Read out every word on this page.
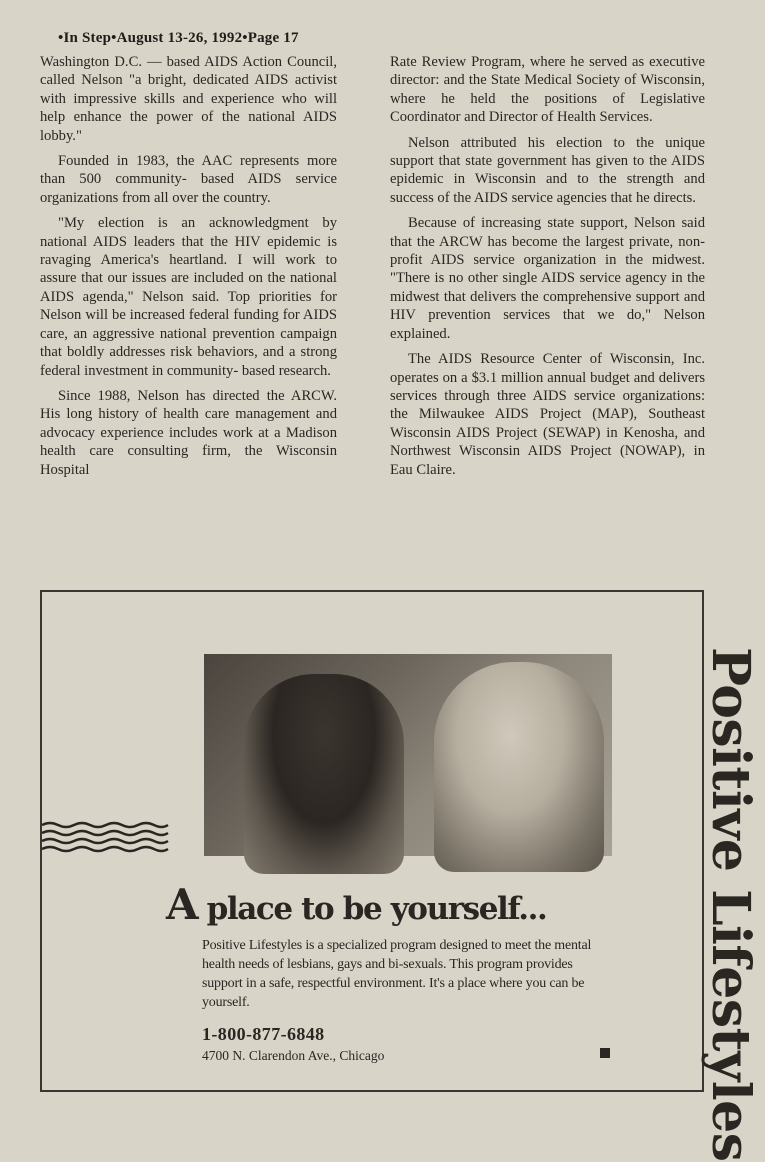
•In Step•August 13-26, 1992•Page 17

Washington D.C. — based AIDS Action Council, called Nelson "a bright, dedicated AIDS activist with impressive skills and experience who will help enhance the power of the national AIDS lobby."

Founded in 1983, the AAC represents more than 500 community- based AIDS service organizations from all over the country.

"My election is an acknowledgment by national AIDS leaders that the HIV epidemic is ravaging America's heartland. I will work to assure that our issues are included on the national AIDS agenda," Nelson said. Top priorities for Nelson will be increased federal funding for AIDS care, an aggressive national prevention campaign that boldly addresses risk behaviors, and a strong federal investment in community- based research.

Since 1988, Nelson has directed the ARCW. His long history of health care management and advocacy experience includes work at a Madison health care consulting firm, the Wisconsin Hospital

Rate Review Program, where he served as executive director: and the State Medical Society of Wisconsin, where he held the positions of Legislative Coordinator and Director of Health Services.

Nelson attributed his election to the unique support that state government has given to the AIDS epidemic in Wisconsin and to the strength and success of the AIDS service agencies that he directs.

Because of increasing state support, Nelson said that the ARCW has become the largest private, non-profit AIDS service organization in the midwest. "There is no other single AIDS service agency in the midwest that delivers the comprehensive support and HIV prevention services that we do," Nelson explained.

The AIDS Resource Center of Wisconsin, Inc. operates on a $3.1 million annual budget and delivers services through three AIDS service organizations: the Milwaukee AIDS Project (MAP), Southeast Wisconsin AIDS Project (SEWAP) in Kenosha, and Northwest Wisconsin AIDS Project (NOWAP), in Eau Claire.

Positive Lifestyles
A place to be yourself...
Positive Lifestyles is a specialized program designed to meet the mental health needs of lesbians, gays and bi-sexuals. This program provides support in a safe, respectful environment. It's a place where you can be yourself.
1-800-877-6848
4700 N. Clarendon Ave., Chicago
